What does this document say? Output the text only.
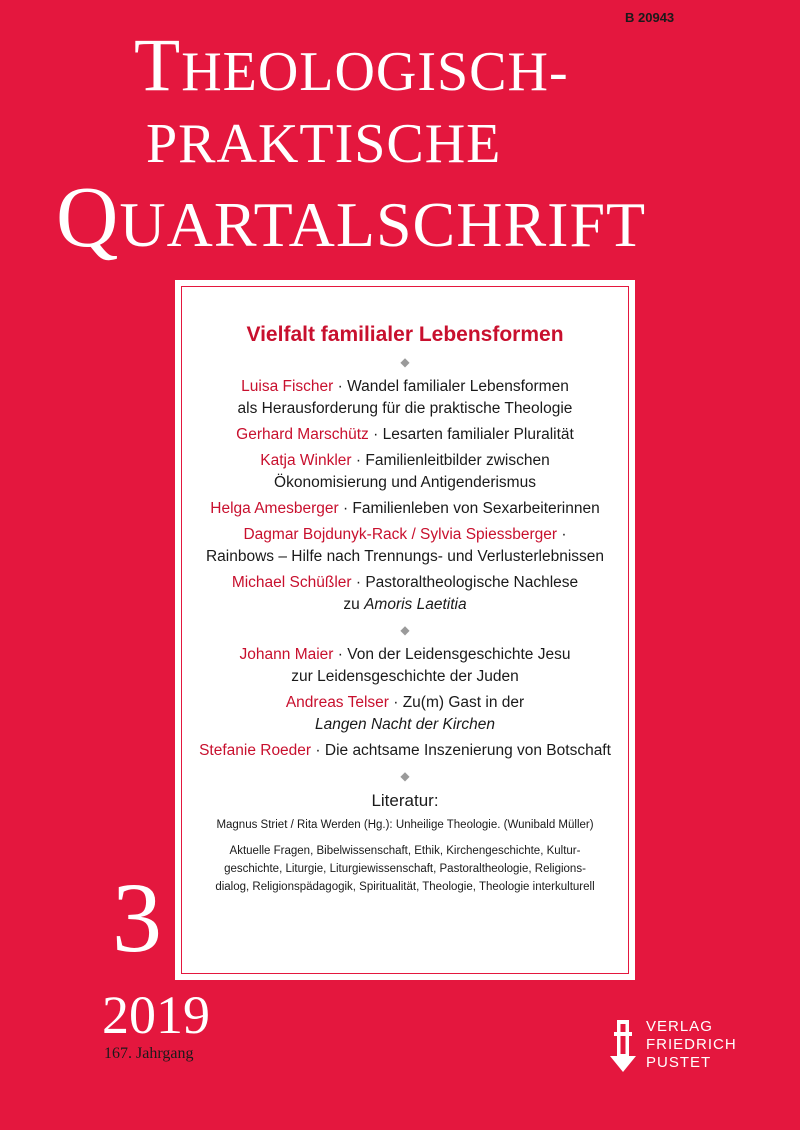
B 20943
THEOLOGISCH-
PRAKTISCHE
QUARTALSCHRIFT
Vielfalt familialer Lebensformen
◆
Luisa Fischer · Wandel familialer Lebensformen
als Herausforderung für die praktische Theologie
Gerhard Marschütz · Lesarten familialer Pluralität
Katja Winkler · Familienleitbilder zwischen
Ökonomisierung und Antigenderismus
Helga Amesberger · Familienleben von Sexarbeiterinnen
Dagmar Bojdunyk-Rack / Sylvia Spiessberger ·
Rainbows – Hilfe nach Trennungs- und Verlusterlebnissen
Michael Schüßler · Pastoraltheologische Nachlese
zu Amoris Laetitia
◆
Johann Maier · Von der Leidensgeschichte Jesu
zur Leidensgeschichte der Juden
Andreas Telser · Zu(m) Gast in der
Langen Nacht der Kirchen
Stefanie Roeder · Die achtsame Inszenierung von Botschaft
◆
Literatur:
Magnus Striet / Rita Werden (Hg.): Unheilige Theologie. (Wunibald Müller)
Aktuelle Fragen, Bibelwissenschaft, Ethik, Kirchengeschichte, Kultur-
geschichte, Liturgie, Liturgiewissenschaft, Pastoraltheologie, Religions-
dialog, Religionspädagogik, Spiritualität, Theologie, Theologie interkulturell
3
2019
167. Jahrgang
VERLAG
FRIEDRICH
PUSTET
